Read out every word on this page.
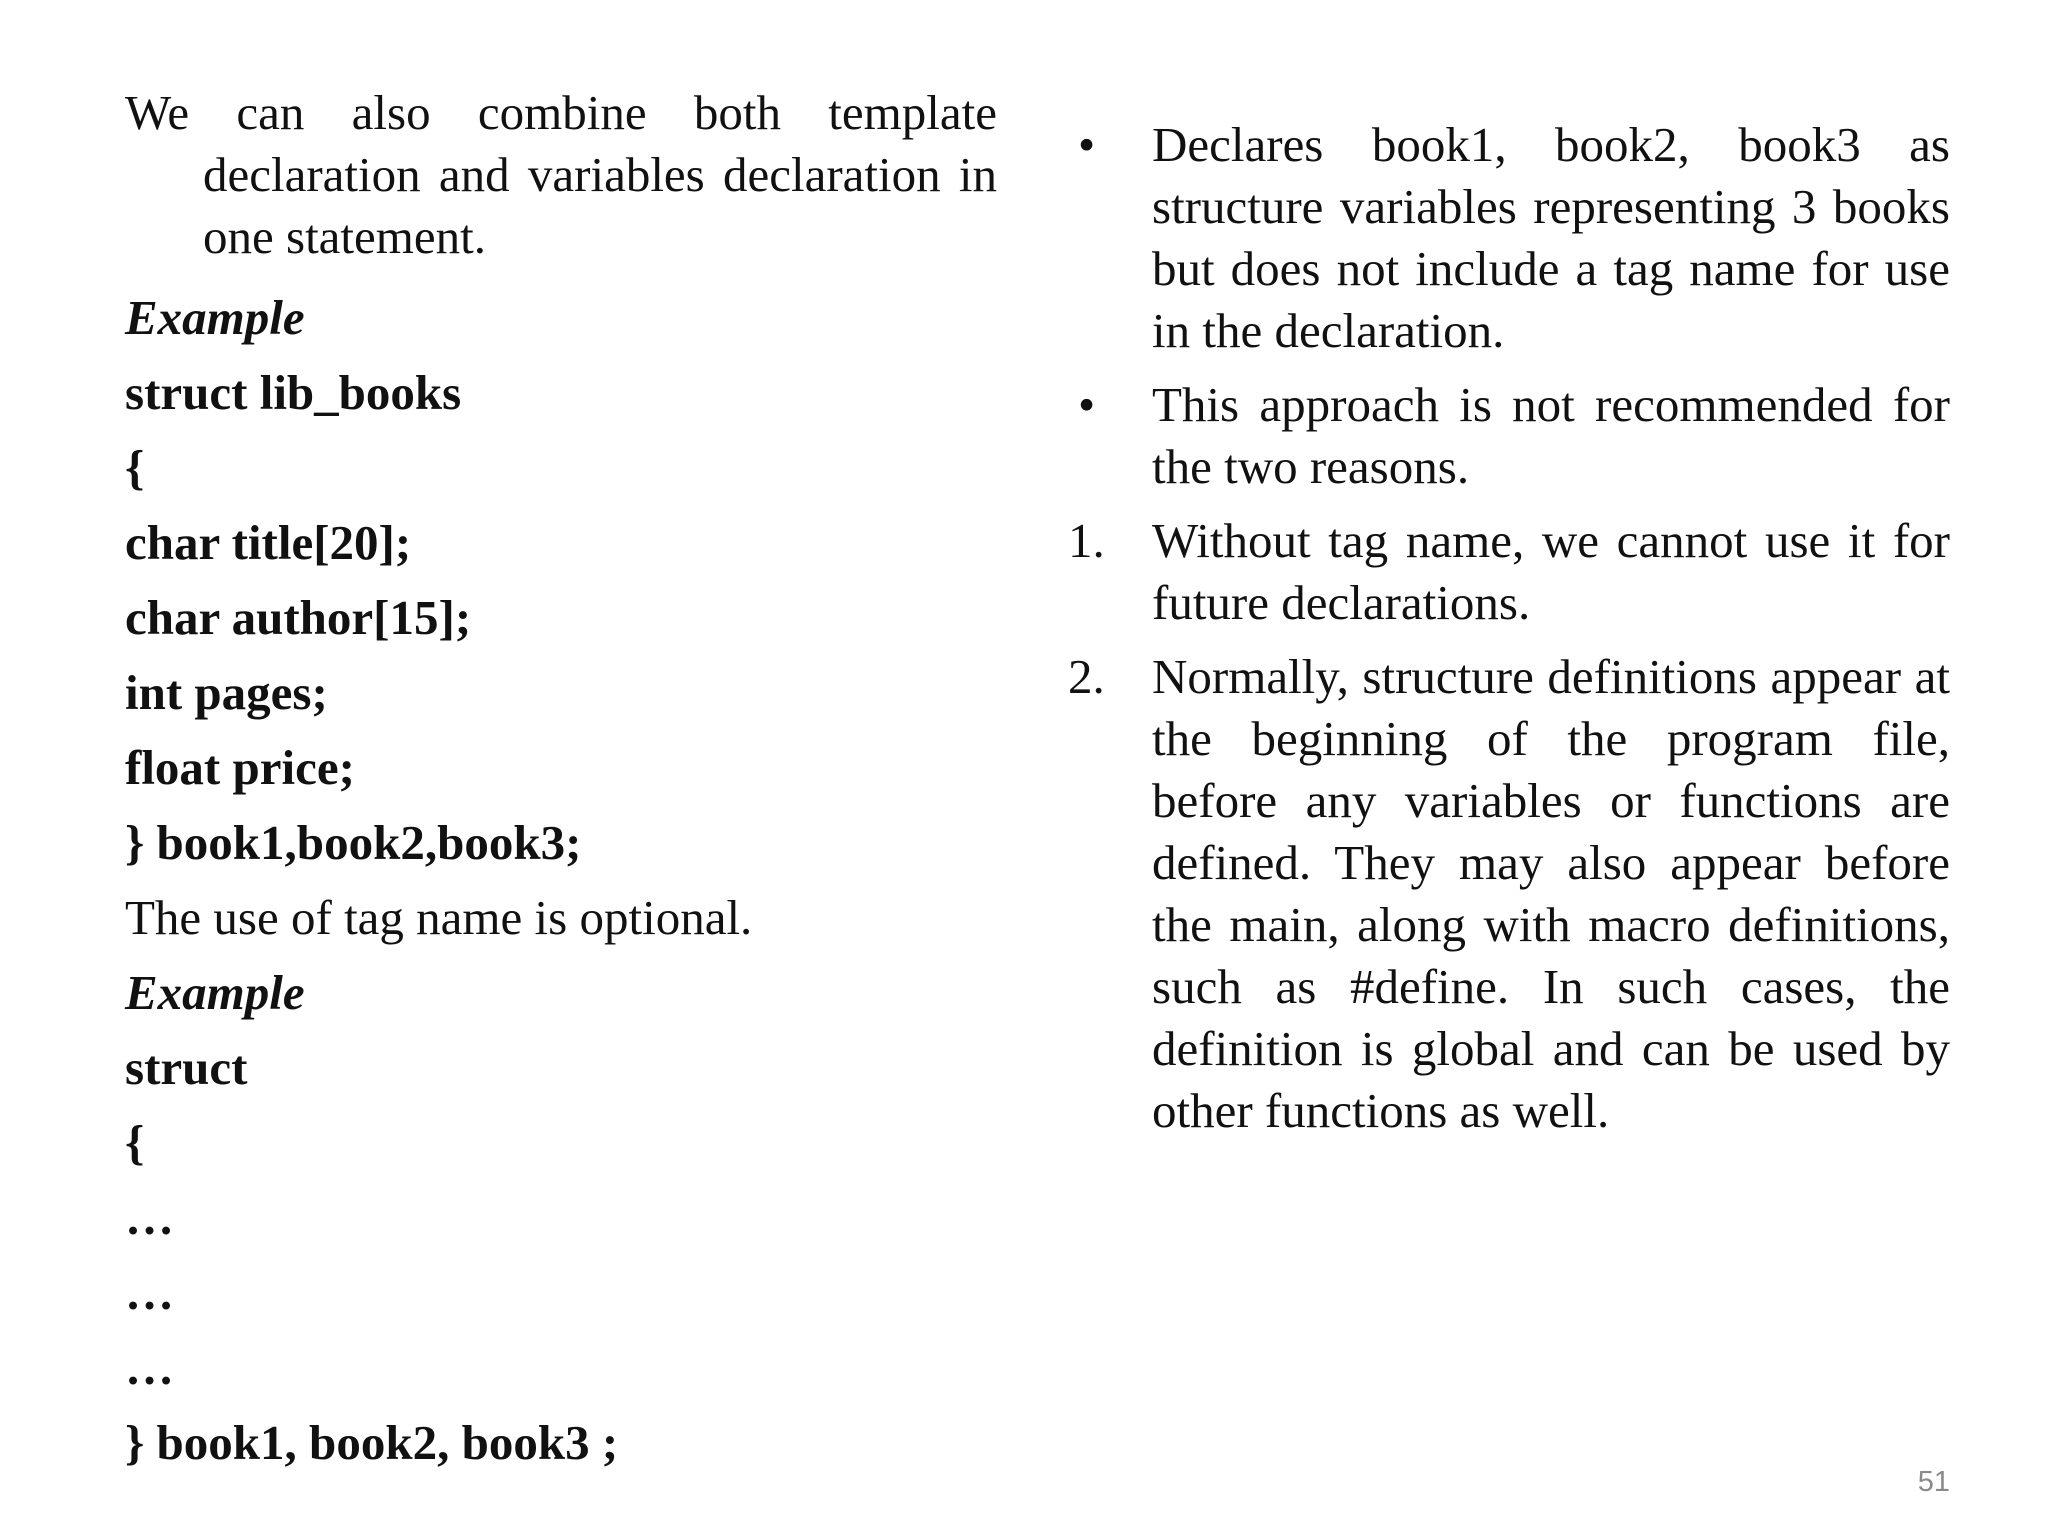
We can also combine both template declaration and variables declaration in one statement.

Example
struct lib_books
{
char title[20];
char author[15];
int pages;
float price;
} book1,book2,book3;
The use of tag name is optional.
Example
struct
{
…
…
…
} book1, book2, book3 ;
•	Declares book1, book2, book3 as structure variables representing 3 books but does not include a tag name for use in the declaration.

•	This approach is not recommended for the two reasons.

1. Without tag name, we cannot use it for future declarations.

2. Normally, structure definitions appear at the beginning of the program file, before any variables or functions are defined. They may also appear before the main, along with macro definitions, such as #define. In such cases, the definition is global and can be used by other functions as well.

51
